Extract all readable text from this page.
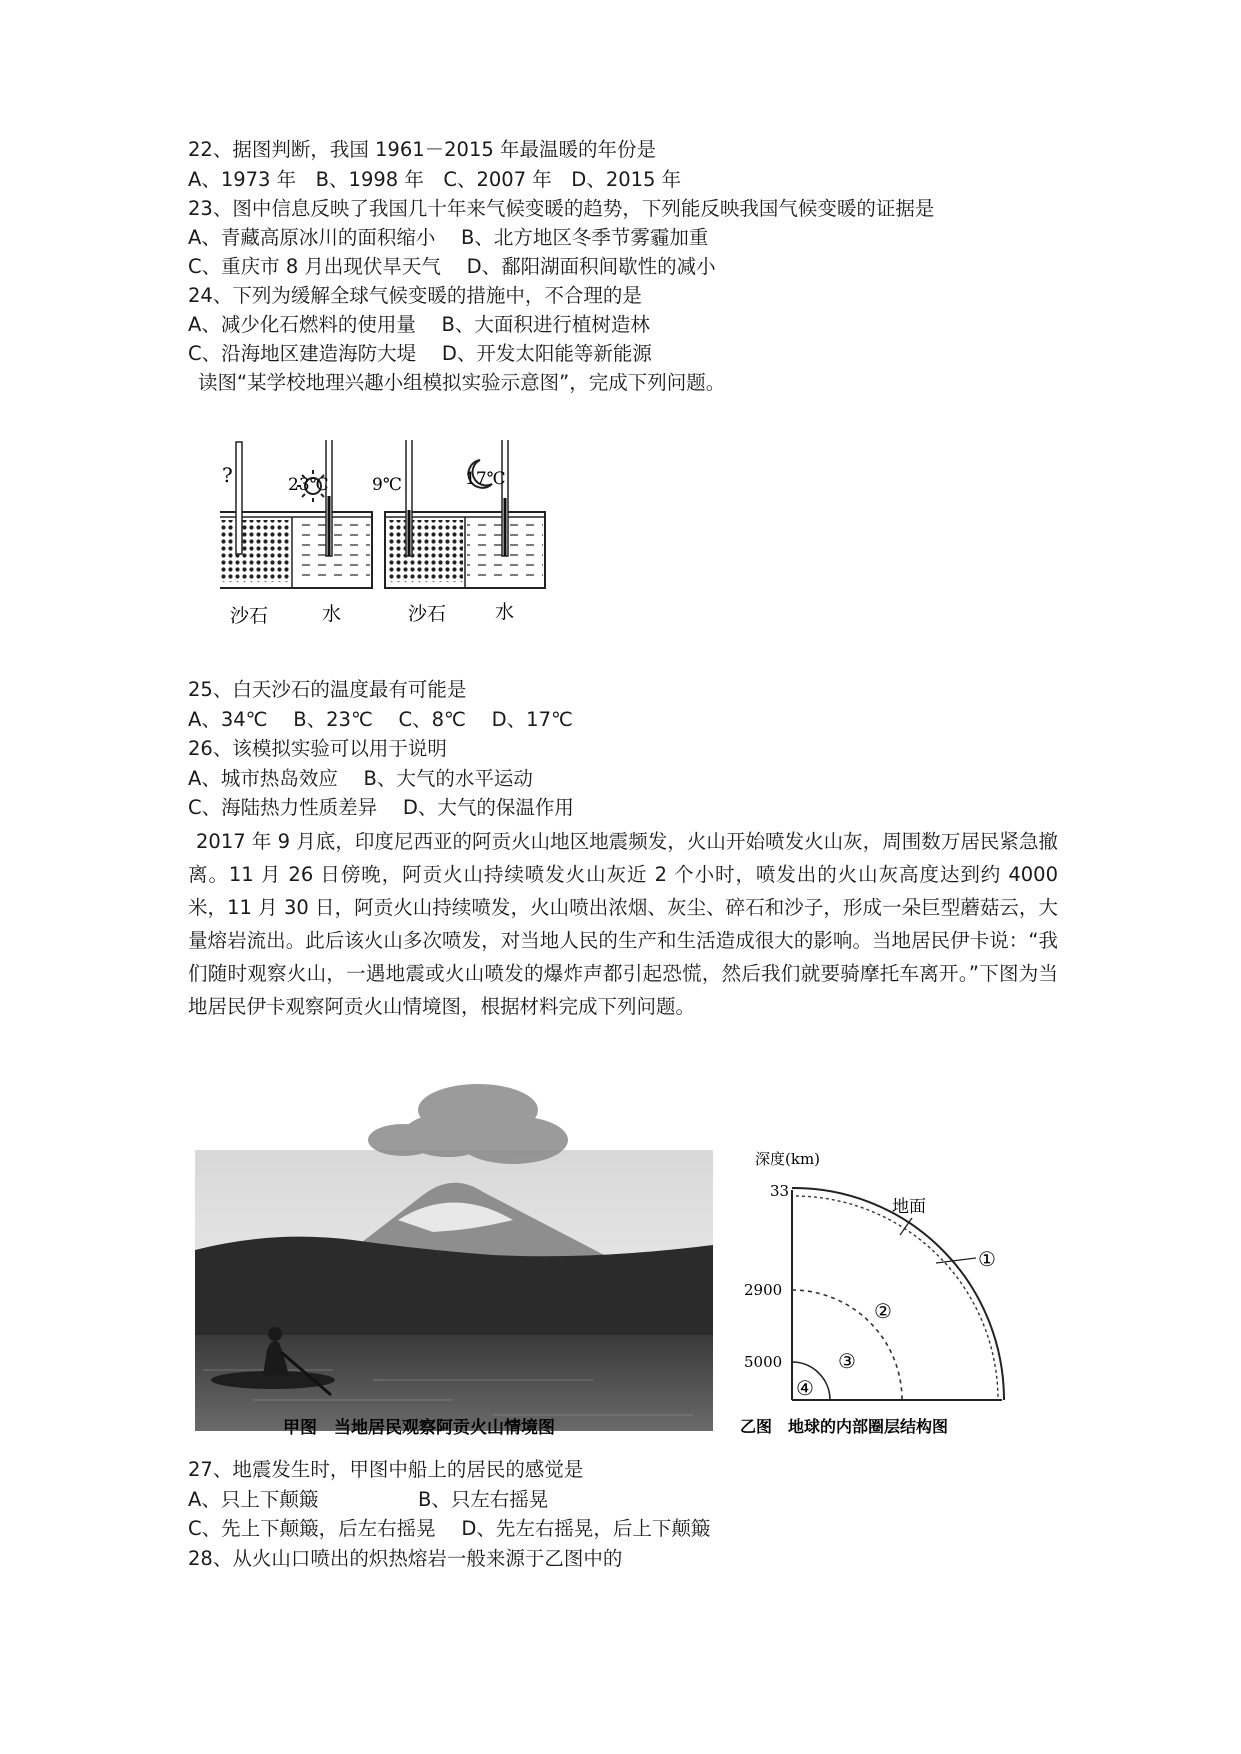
22、据图判断，我国 1961－2015 年最温暖的年份是
A、1973 年　B、1998 年　C、2007 年　D、2015 年
23、图中信息反映了我国几十年来气候变暖的趋势，下列能反映我国气候变暖的证据是
A、青藏高原冰川的面积缩小　 B、北方地区冬季节雾霾加重
C、重庆市 8 月出现伏旱天气　 D、鄱阳湖面积间歇性的减小
24、下列为缓解全球气候变暖的措施中，不合理的是
A、减少化石燃料的使用量　 B、大面积进行植树造林
C、沿海地区建造海防大堤　 D、开发太阳能等新能源
读图“某学校地理兴趣小组模拟实验示意图”，完成下列问题。
?	23℃	9℃	17℃
沙石	水	沙石	水
25、白天沙石的温度最有可能是
A、34℃　 B、23℃　 C、8℃　 D、17℃
26、该模拟实验可以用于说明
A、城市热岛效应　 B、大气的水平运动
C、海陆热力性质差异　 D、大气的保温作用
2017 年 9 月底，印度尼西亚的阿贡火山地区地震频发，火山开始喷发火山灰，周围数万居民紧急撤离。11 月 26 日傍晚，阿贡火山持续喷发火山灰近 2 个小时，喷发出的火山灰高度达到约 4000 米，11 月 30 日，阿贡火山持续喷发，火山喷出浓烟、灰尘、碎石和沙子，形成一朵巨型蘑菇云，大量熔岩流出。此后该火山多次喷发，对当地人民的生产和生活造成很大的影响。当地居民伊卡说：“我们随时观察火山，一遇地震或火山喷发的爆炸声都引起恐慌，然后我们就要骑摩托车离开。”下图为当地居民伊卡观察阿贡火山情境图，根据材料完成下列问题。
甲图　当地居民观察阿贡火山情境图
深度(km)
33
2900
5000
地面
①
②
③
④
乙图　地球的内部圈层结构图
27、地震发生时，甲图中船上的居民的感觉是
A、只上下颠簸	B、只左右摇晃
C、先上下颠簸，后左右摇晃　 D、先左右摇晃，后上下颠簸
28、从火山口喷出的炽热熔岩一般来源于乙图中的
